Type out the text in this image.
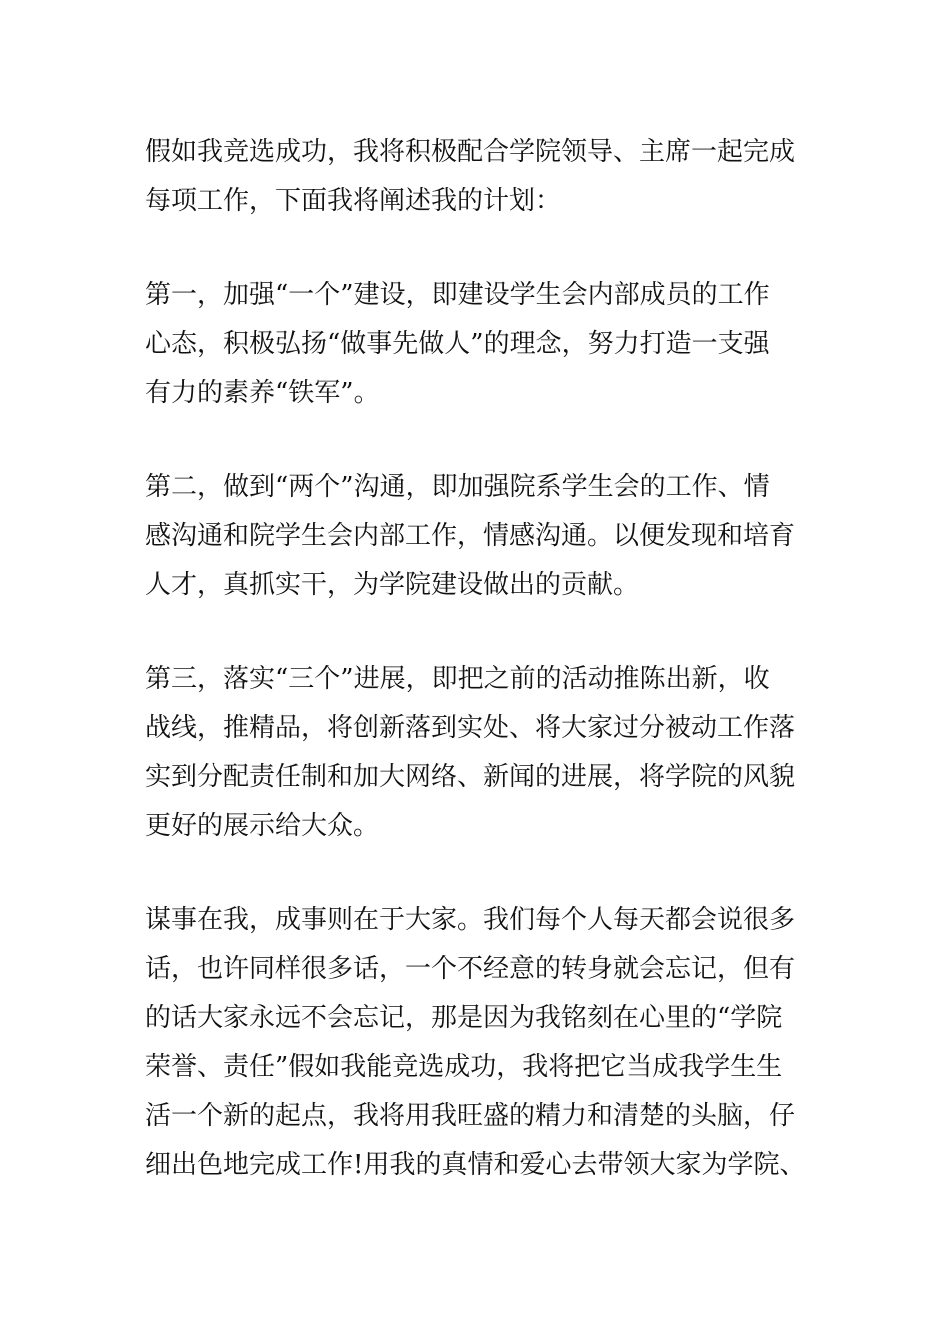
假如我竞选成功，我将积极配合学院领导、主席一起完成
每项工作，下面我将阐述我的计划：
第一，加强“一个”建设，即建设学生会内部成员的工作
心态，积极弘扬“做事先做人”的理念，努力打造一支强
有力的素养“铁军”。
第二，做到“两个”沟通，即加强院系学生会的工作、情
感沟通和院学生会内部工作，情感沟通。以便发现和培育
人才，真抓实干，为学院建设做出的贡献。
第三，落实“三个”进展，即把之前的活动推陈出新，收
战线，推精品，将创新落到实处、将大家过分被动工作落
实到分配责任制和加大网络、新闻的进展，将学院的风貌
更好的展示给大众。
谋事在我，成事则在于大家。我们每个人每天都会说很多
话，也许同样很多话，一个不经意的转身就会忘记，但有
的话大家永远不会忘记，那是因为我铭刻在心里的“学院
荣誉、责任”假如我能竞选成功，我将把它当成我学生生
活一个新的起点，我将用我旺盛的精力和清楚的头脑，仔
细出色地完成工作!用我的真情和爱心去带领大家为学院、
